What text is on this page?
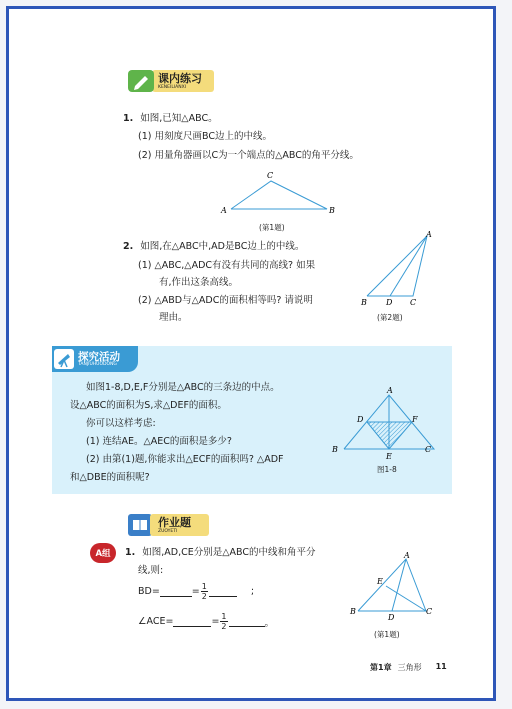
课内练习
KENEILIANXI
1. 如图,已知△ABC。
(1) 用刻度尺画BC边上的中线。
(2) 用量角器画以C为一个端点的△ABC的角平分线。
C
A	B
(第1题)
2. 如图,在△ABC中,AD是BC边上的中线。
(1) △ABC,△ADC有没有共同的高线? 如果
有,作出这条高线。
(2) △ABD与△ADC的面积相等吗? 请说明
理由。
A
B D C
(第2题)
探究活动
TANJIUHUODONG
如图1-8,D,E,F分别是△ABC的三条边的中点。
设△ABC的面积为S,求△DEF的面积。
你可以这样考虑:
(1) 连结AE。△AEC的面积是多少?
(2) 由第(1)题,你能求出△ECF的面积吗? △ADF
和△DBE的面积呢?
A
B	C
D
E
F
图1-8
作业题
ZUOYETI
A组 1. 如图,AD,CE分别是△ABC的中线和角平分
线,则:
BD=	= $\frac{1}{2}$	;
∠ACE=	= $\frac{1}{2}$	。
A
E
B
D
C
(第1题)
第1章 三角形 11
